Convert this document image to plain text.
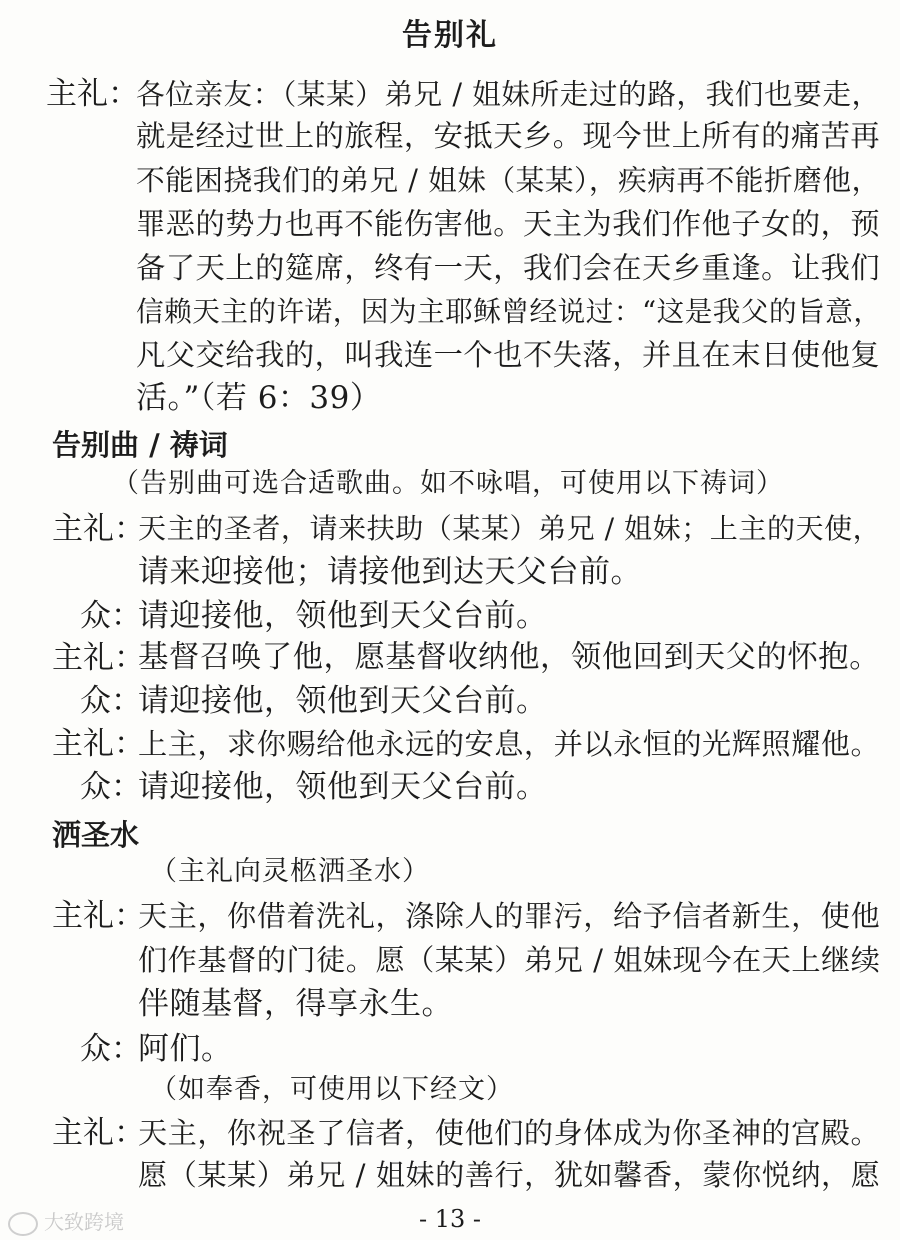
告别礼
主礼：
各位亲友：（某某）弟兄 / 姐妹所走过的路，我们也要走，
就是经过世上的旅程，安抵天乡。现今世上所有的痛苦再
不能困挠我们的弟兄 / 姐妹（某某），疾病再不能折磨他，
罪恶的势力也再不能伤害他。天主为我们作他子女的，预
备了天上的筵席，终有一天，我们会在天乡重逢。让我们
信赖天主的许诺，因为主耶稣曾经说过：“这是我父的旨意，
凡父交给我的，叫我连一个也不失落，并且在末日使他复
活。”（若 6：39）
告别曲 / 祷词
（告别曲可选合适歌曲。如不咏唱，可使用以下祷词）
主礼：
天主的圣者，请来扶助（某某）弟兄 / 姐妹；上主的天使，
请来迎接他；请接他到达天父台前。
众：
请迎接他，领他到天父台前。
主礼：
基督召唤了他，愿基督收纳他，领他回到天父的怀抱。
众：
请迎接他，领他到天父台前。
主礼：
上主，求你赐给他永远的安息，并以永恒的光辉照耀他。
众：
请迎接他，领他到天父台前。
洒圣水
（主礼向灵柩洒圣水）
主礼：
天主，你借着洗礼，涤除人的罪污，给予信者新生，使他
们作基督的门徒。愿（某某）弟兄 / 姐妹现今在天上继续
伴随基督，得享永生。
众：
阿们。
（如奉香，可使用以下经文）
主礼：
天主，你祝圣了信者，使他们的身体成为你圣神的宫殿。
愿（某某）弟兄 / 姐妹的善行，犹如馨香，蒙你悦纳，愿
- 13 -
大致跨境
